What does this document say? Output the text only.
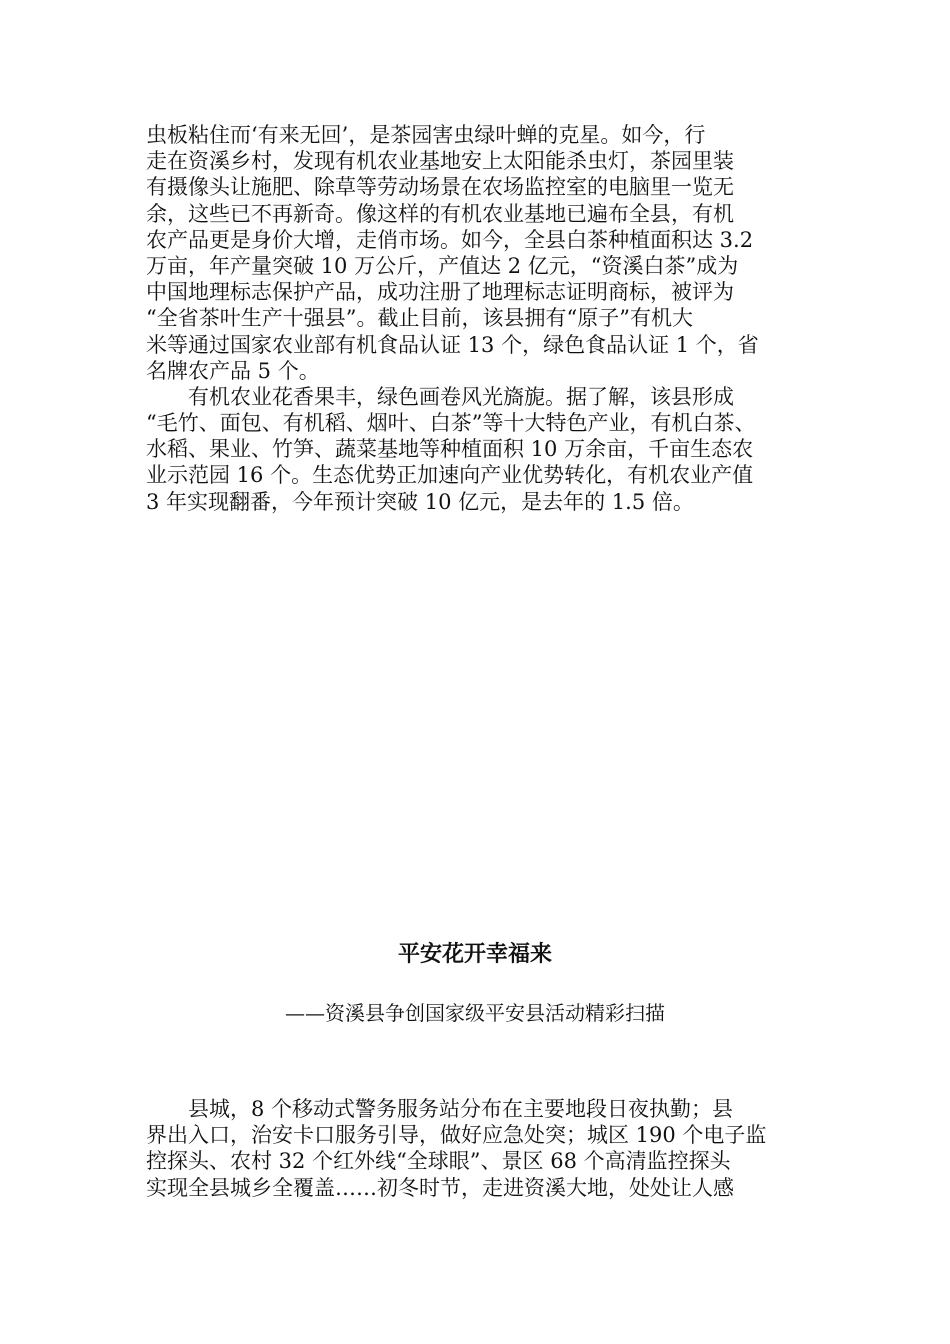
虫板粘住而‘有来无回’，是茶园害虫绿叶蝉的克星。如今，行
走在资溪乡村，发现有机农业基地安上太阳能杀虫灯，茶园里装
有摄像头让施肥、除草等劳动场景在农场监控室的电脑里一览无
余，这些已不再新奇。像这样的有机农业基地已遍布全县，有机
农产品更是身价大增，走俏市场。如今，全县白茶种植面积达 3.2
万亩，年产量突破 10 万公斤，产值达 2 亿元，“资溪白茶”成为
中国地理标志保护产品，成功注册了地理标志证明商标，被评为
“全省茶叶生产十强县”。截止目前，该县拥有“原子”有机大
米等通过国家农业部有机食品认证 13 个，绿色食品认证 1 个，省
名牌农产品 5 个。
　　有机农业花香果丰，绿色画卷风光旖旎。据了解，该县形成
“毛竹、面包、有机稻、烟叶、白茶”等十大特色产业，有机白茶、
水稻、果业、竹笋、蔬菜基地等种植面积 10 万余亩，千亩生态农
业示范园 16 个。生态优势正加速向产业优势转化，有机农业产值
3 年实现翻番，今年预计突破 10 亿元，是去年的 1.5 倍。
平安花开幸福来
——资溪县争创国家级平安县活动精彩扫描
　　县城，8 个移动式警务服务站分布在主要地段日夜执勤；县
界出入口，治安卡口服务引导，做好应急处突；城区 190 个电子监
控探头、农村 32 个红外线“全球眼”、景区 68 个高清监控探头
实现全县城乡全覆盖……初冬时节，走进资溪大地，处处让人感
